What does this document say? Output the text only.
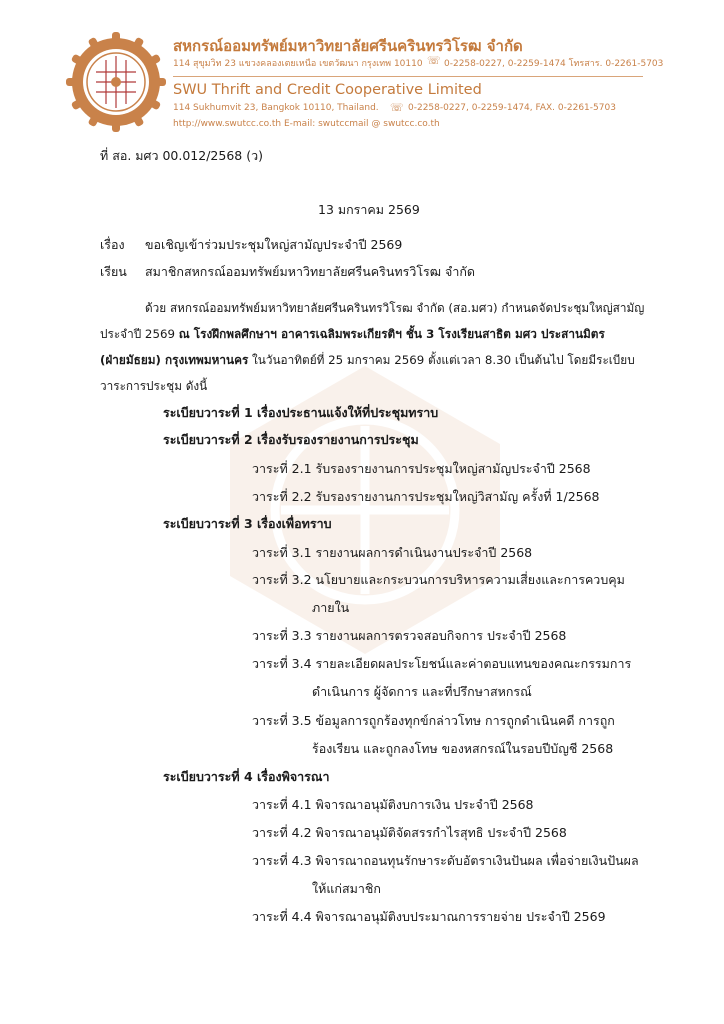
สหกรณ์ออมทรัพย์มหาวิทยาลัยศรีนครินทรวิโรฒ จำกัด
114 สุขุมวิท 23 แขวงคลองเตยเหนือ เขตวัฒนา กรุงเทพ 10110 ☏ 0-2258-0227, 0-2259-1474 โทรสาร. 0-2261-5703
SWU Thrift and Credit Cooperative Limited
114 Sukhumvit 23, Bangkok 10110, Thailand. ☏ 0-2258-0227, 0-2259-1474, FAX. 0-2261-5703
http://www.swutcc.co.th E-mail: swutccmail @ swutcc.co.th
ที่ สอ. มศว 00.012/2568 (ว)
13 มกราคม 2569
เรื่อง ขอเชิญเข้าร่วมประชุมใหญ่สามัญประจำปี 2569
เรียน สมาชิกสหกรณ์ออมทรัพย์มหาวิทยาลัยศรีนครินทรวิโรฒ จำกัด
ด้วย สหกรณ์ออมทรัพย์มหาวิทยาลัยศรีนครินทรวิโรฒ จำกัด (สอ.มศว) กำหนดจัดประชุมใหญ่สามัญ
ประจำปี 2569 ณ โรงฝึกพลศึกษาฯ อาคารเฉลิมพระเกียรติฯ ชั้น 3 โรงเรียนสาธิต มศว ประสานมิตร
(ฝ่ายมัธยม) กรุงเทพมหานคร ในวันอาทิตย์ที่ 25 มกราคม 2569 ตั้งแต่เวลา 8.30 เป็นต้นไป โดยมีระเบียบ
วาระการประชุม ดังนี้
ระเบียบวาระที่ 1 เรื่องประธานแจ้งให้ที่ประชุมทราบ
ระเบียบวาระที่ 2 เรื่องรับรองรายงานการประชุม
วาระที่ 2.1 รับรองรายงานการประชุมใหญ่สามัญประจำปี 2568
วาระที่ 2.2 รับรองรายงานการประชุมใหญ่วิสามัญ ครั้งที่ 1/2568
ระเบียบวาระที่ 3 เรื่องเพื่อทราบ
วาระที่ 3.1 รายงานผลการดำเนินงานประจำปี 2568
วาระที่ 3.2 นโยบายและกระบวนการบริหารความเสี่ยงและการควบคุม
ภายใน
วาระที่ 3.3 รายงานผลการตรวจสอบกิจการ ประจำปี 2568
วาระที่ 3.4 รายละเอียดผลประโยชน์และค่าตอบแทนของคณะกรรมการ
ดำเนินการ ผู้จัดการ และที่ปรึกษาสหกรณ์
วาระที่ 3.5 ข้อมูลการถูกร้องทุกข์กล่าวโทษ การถูกดำเนินคดี การถูก
ร้องเรียน และถูกลงโทษ ของหสกรณ์ในรอบปีบัญชี 2568
ระเบียบวาระที่ 4 เรื่องพิจารณา
วาระที่ 4.1 พิจารณาอนุมัติงบการเงิน ประจำปี 2568
วาระที่ 4.2 พิจารณาอนุมัติจัดสรรกำไรสุทธิ ประจำปี 2568
วาระที่ 4.3 พิจารณาถอนทุนรักษาระดับอัตราเงินปันผล เพื่อจ่ายเงินปันผล
ให้แก่สมาชิก
วาระที่ 4.4 พิจารณาอนุมัติงบประมาณการรายจ่าย ประจำปี 2569
